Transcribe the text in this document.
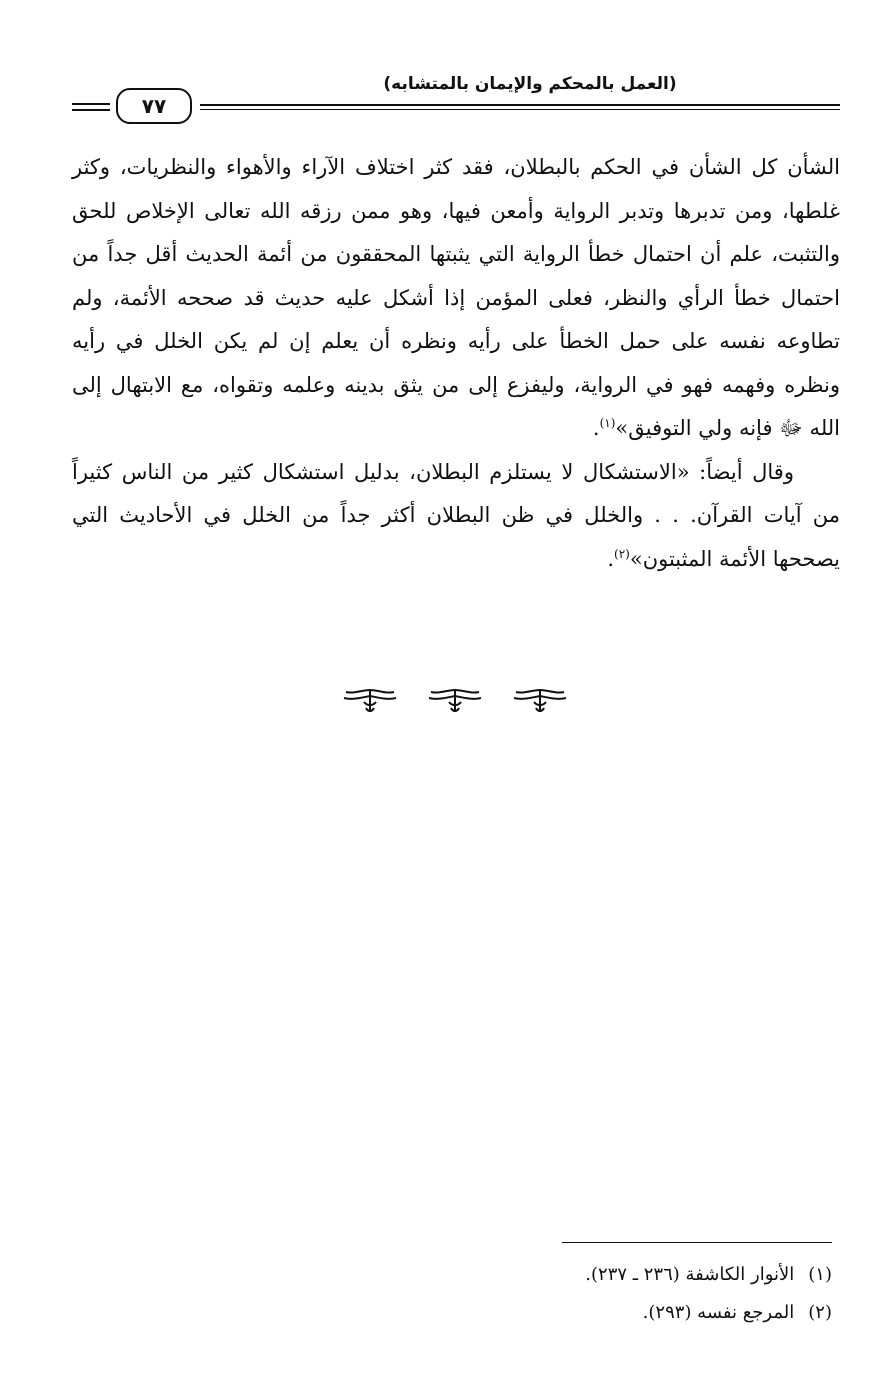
(العمل بالمحكم والإيمان بالمتشابه)
٧٧

الشأن كل الشأن في الحكم بالبطلان، فقد كثر اختلاف الآراء والأهواء والنظريات، وكثر غلطها، ومن تدبرها وتدبر الرواية وأمعن فيها، وهو ممن رزقه الله تعالى الإخلاص للحق والتثبت، علم أن احتمال خطأ الرواية التي يثبتها المحققون من أئمة الحديث أقل جداً من احتمال خطأ الرأي والنظر، فعلى المؤمن إذا أشكل عليه حديث قد صححه الأئمة، ولم تطاوعه نفسه على حمل الخطأ على رأيه ونظره أن يعلم إن لم يكن الخلل في رأيه ونظره وفهمه فهو في الرواية، وليفزع إلى من يثق بدينه وعلمه وتقواه، مع الابتهال إلى الله ﷻ فإنه ولي التوفيق»$^{(١)}$.

وقال أيضاً: «الاستشكال لا يستلزم البطلان، بدليل استشكال كثير من الناس كثيراً من آيات القرآن. . . والخلل في ظن البطلان أكثر جداً من الخلل في الأحاديث التي يصححها الأئمة المثبتون»$^{(٢)}$.

(١)الأنوار الكاشفة (٢٣٦ ـ ٢٣٧).
(٢)المرجع نفسه (٢٩٣).
